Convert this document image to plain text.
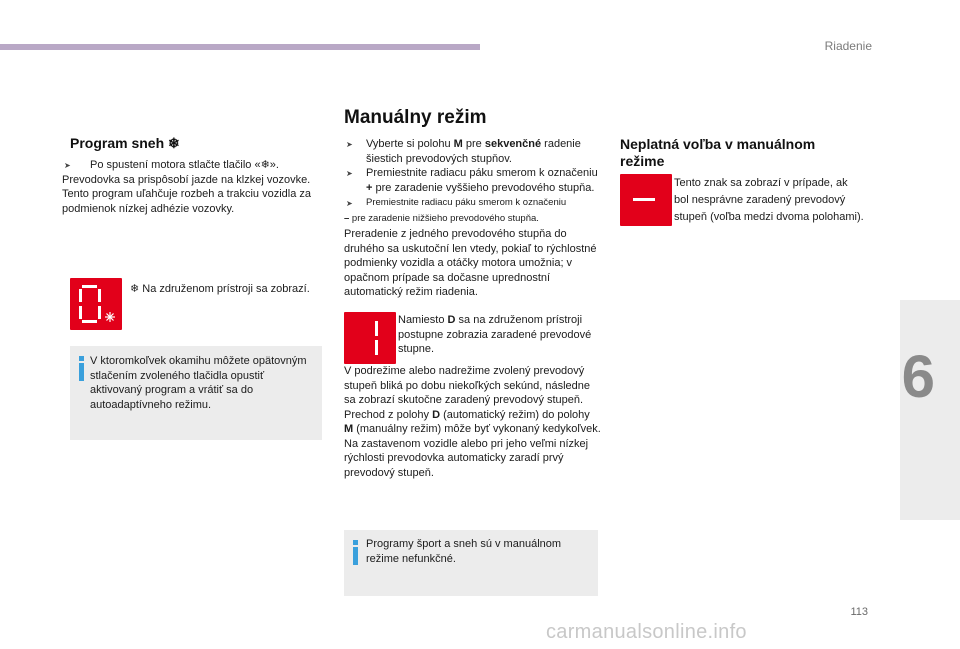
Riadenie
6
113
carmanualsonline.info
Program sneh ❄

➤ Po spustení motora stlačte tlačilo «❄».

Prevodovka sa prispôsobí jazde na klzkej vozovke.

Tento program uľahčuje rozbeh a trakciu vozidla za podmienok nízkej adhézie vozovky.

❄ Na združenom prístroji sa zobrazí.

V ktoromkoľvek okamihu môžete opätovným stlačením zvoleného tlačidla opustiť aktivovaný program a vrátiť sa do autoadaptívneho režimu.

Manuálny režim

➤ Vyberte si polohu M pre sekvenčné radenie šiestich prevodových stupňov.

➤ Premiestnite radiacu páku smerom k označeniu + pre zaradenie vyššieho prevodového stupňa.

➤ Premiestnite radiacu páku smerom k označeniu
– pre zaradenie nižšieho prevodového stupňa.

Preradenie z jedného prevodového stupňa do druhého sa uskutoční len vtedy, pokiaľ to rýchlostné podmienky vozidla a otáčky motora umožnia; v opačnom prípade sa dočasne uprednostní automatický režim riadenia.

Namiesto D sa na združenom prístroji postupne zobrazia zaradené prevodové stupne.

V podrežime alebo nadrežime zvolený prevodový stupeň bliká po dobu niekoľkých sekúnd, následne sa zobrazí skutočne zaradený prevodový stupeň.

Prechod z polohy D (automatický režim) do polohy M (manuálny režim) môže byť vykonaný kedykoľvek.

Na zastavenom vozidle alebo pri jeho veľmi nízkej rýchlosti prevodovka automaticky zaradí prvý prevodový stupeň.

Programy šport a sneh sú v manuálnom režime nefunkčné.

Neplatná voľba v manuálnom režime

Tento znak sa zobrazí v prípade, ak bol nesprávne zaradený prevodový stupeň (voľba medzi dvoma polohami).
